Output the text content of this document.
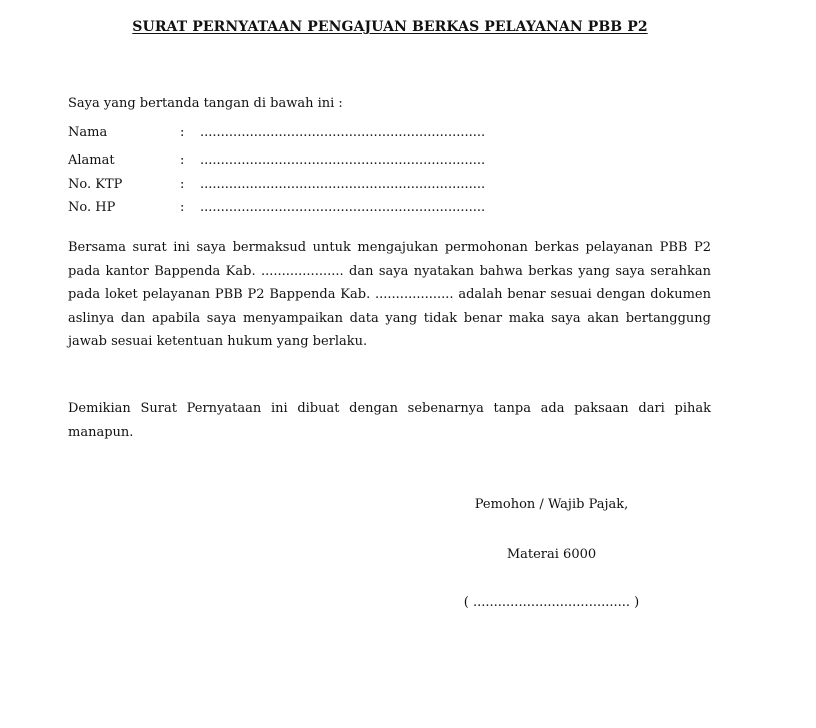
SURAT PERNYATAAN PENGAJUAN BERKAS PELAYANAN PBB P2
Saya yang bertanda tangan di bawah ini :
Nama	: .....................................................................
Alamat	: .....................................................................
No. KTP	: .....................................................................
No. HP	: .....................................................................

Bersama surat ini saya bermaksud untuk mengajukan permohonan berkas pelayanan PBB P2 pada kantor Bappenda Kab. .................... dan saya nyatakan bahwa berkas yang saya serahkan pada loket pelayanan PBB P2 Bappenda Kab. ................... adalah benar sesuai dengan dokumen aslinya dan apabila saya menyampaikan data yang tidak benar maka saya akan bertanggung jawab sesuai ketentuan hukum yang berlaku.

Demikian Surat Pernyataan ini dibuat dengan sebenarnya tanpa ada paksaan dari pihak manapun.

Pemohon / Wajib Pajak,
Materai 6000
( ...................................... )
